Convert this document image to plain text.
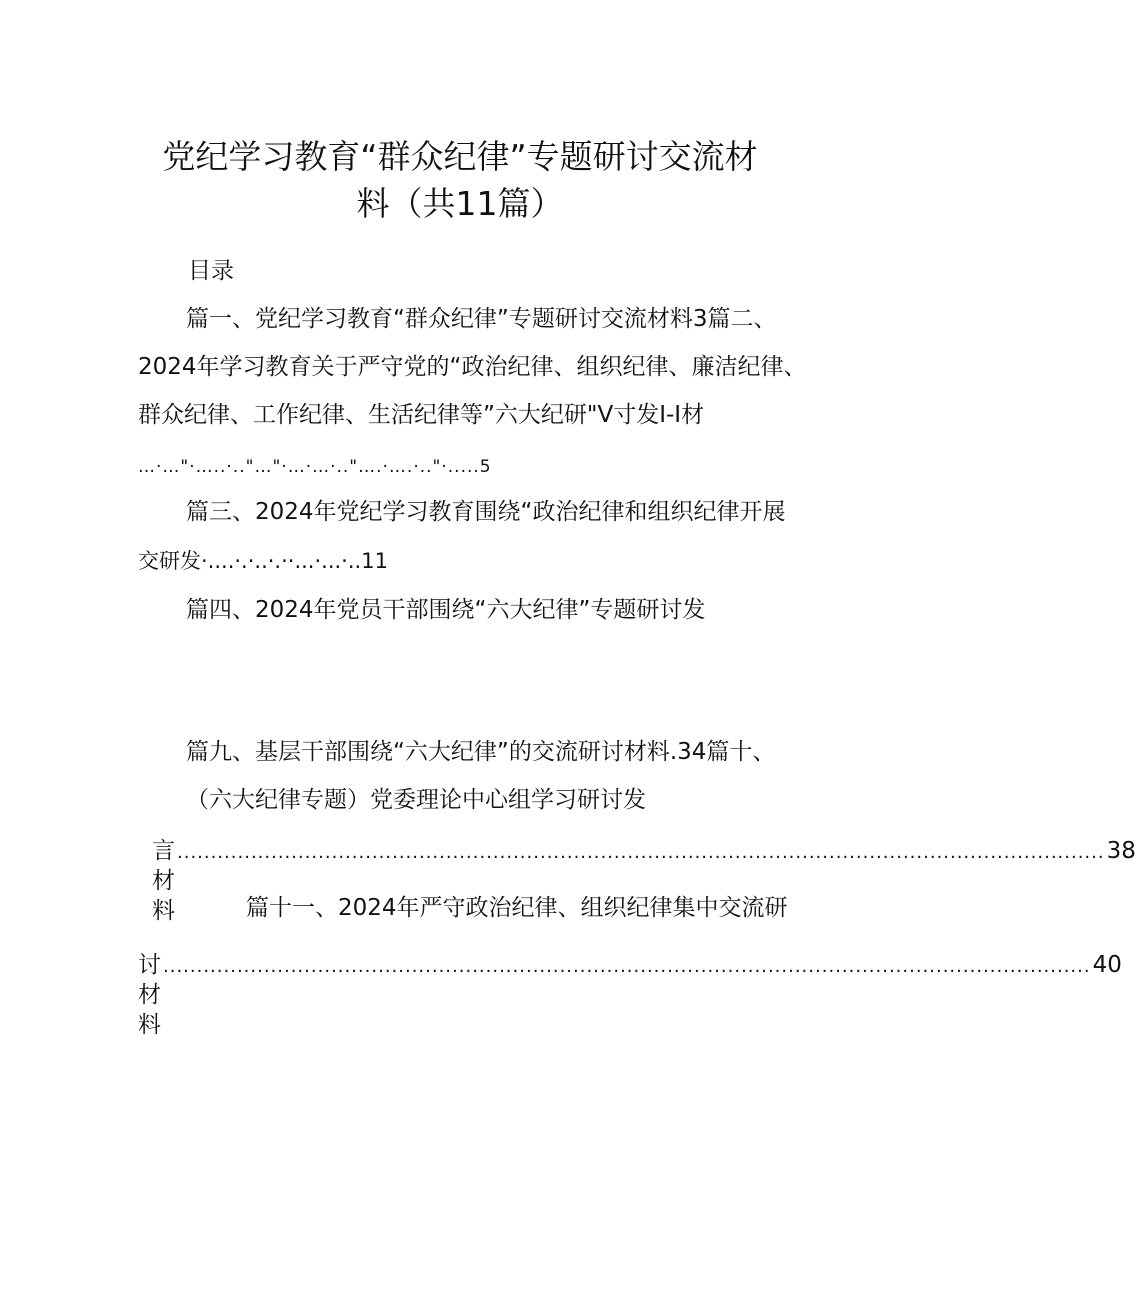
党纪学习教育“群众纪律”专题研讨交流材
料（共11篇）
目录
篇一、党纪学习教育“群众纪律”专题研讨交流材料3篇二、
2024年学习教育关于严守党的“政治纪律、组织纪律、廉洁纪律、
群众纪律、工作纪律、生活纪律等”六大纪研"V寸发I-I材
…·…"·…..·.."…"·…·…·.."….·….·.."·.....5
篇三、2024年党纪学习教育围绕“政治纪律和组织纪律开展
交研发·....·.·..·.··...·...·..11
篇四、2024年党员干部围绕“六大纪律”专题研讨发
篇九、基层干部围绕“六大纪律”的交流研讨材料.34篇十、
（六大纪律专题）党委理论中心组学习研讨发
言材料
.......................................................................................................................................... 38
篇十一、2024年严守政治纪律、组织纪律集中交流研
讨材料
.......................................................................................................................................... 40
